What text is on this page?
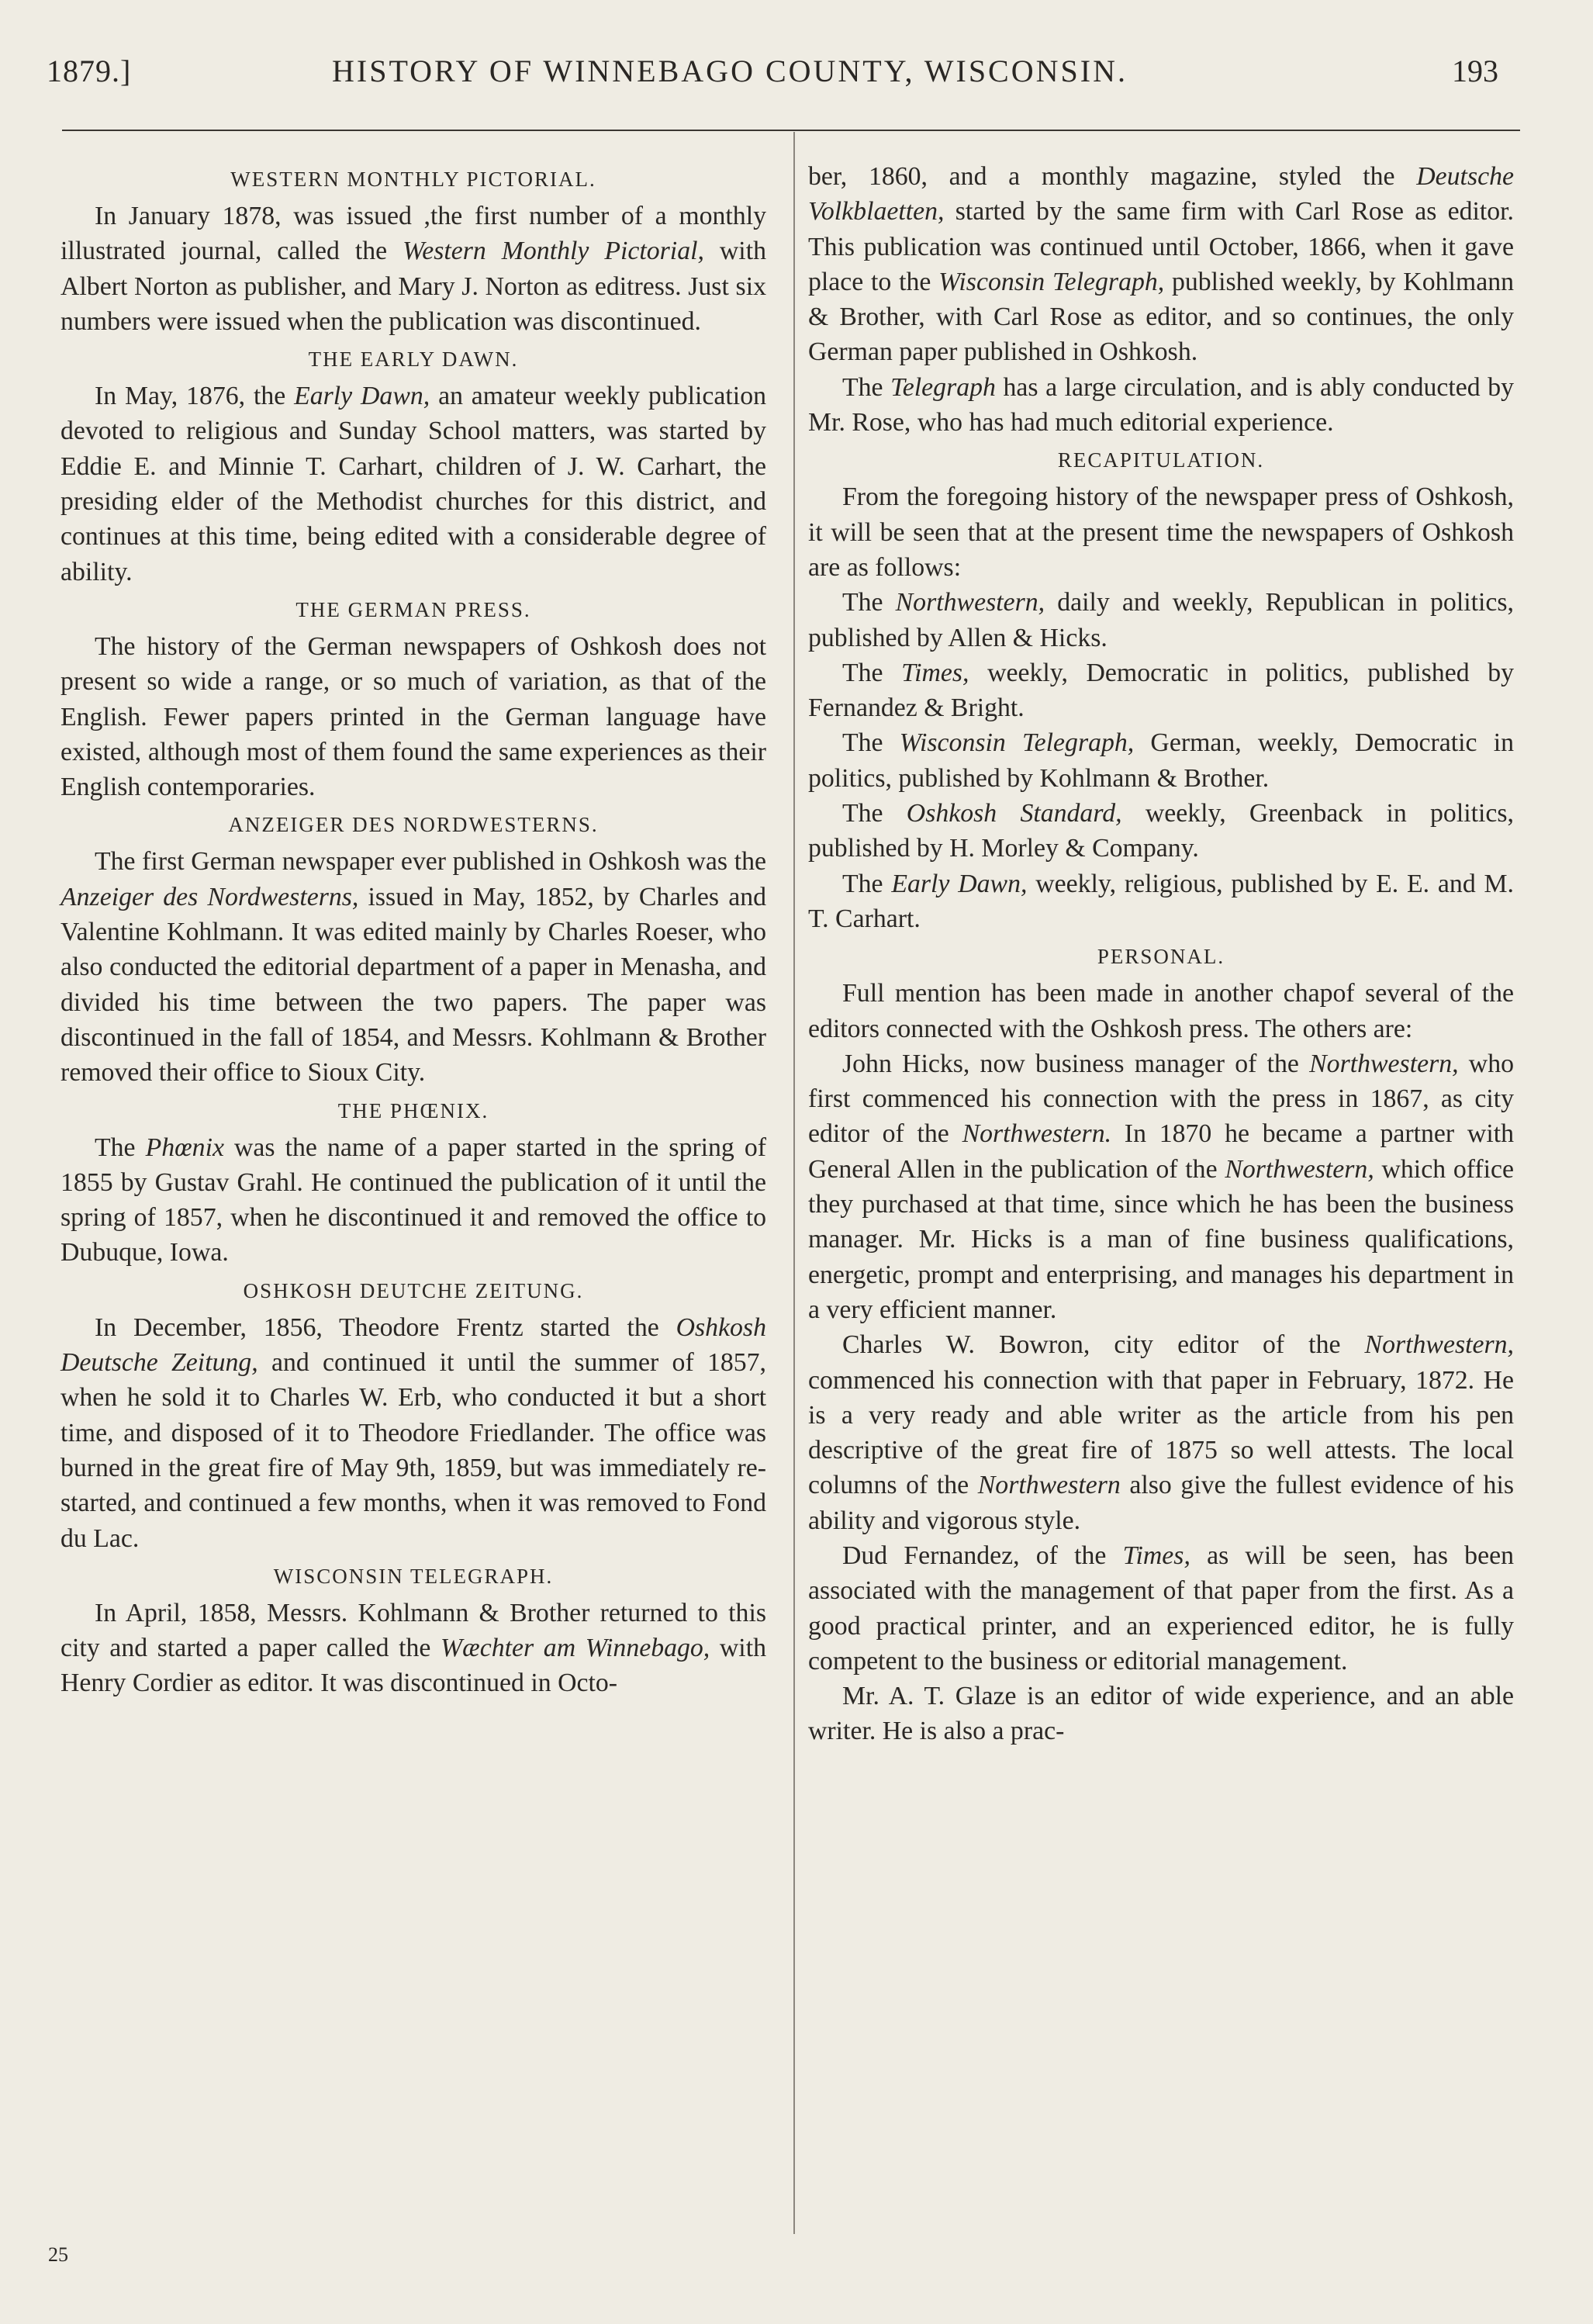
1879.]	HISTORY OF WINNEBAGO COUNTY, WISCONSIN.	193
WESTERN MONTHLY PICTORIAL.

In January 1878, was issued ,the first number of a monthly illustrated journal, called the Western Monthly Pictorial, with Albert Norton as publisher, and Mary J. Norton as editress. Just six numbers were issued when the publication was discontinued.

THE EARLY DAWN.

In May, 1876, the Early Dawn, an amateur weekly publication devoted to religious and Sunday School matters, was started by Eddie E. and Minnie T. Carhart, children of J. W. Carhart, the presiding elder of the Methodist churches for this district, and continues at this time, being edited with a considerable degree of ability.

THE GERMAN PRESS.

The history of the German newspapers of Oshkosh does not present so wide a range, or so much of variation, as that of the English. Fewer papers printed in the German language have existed, although most of them found the same experiences as their English contemporaries.

ANZEIGER DES NORDWESTERNS.

The first German newspaper ever published in Oshkosh was the Anzeiger des Nordwesterns, issued in May, 1852, by Charles and Valentine Kohlmann. It was edited mainly by Charles Roeser, who also conducted the editorial department of a paper in Menasha, and divided his time between the two papers. The paper was discontinued in the fall of 1854, and Messrs. Kohlmann & Brother removed their office to Sioux City.

THE PHŒNIX.

The Phœnix was the name of a paper started in the spring of 1855 by Gustav Grahl. He continued the publication of it until the spring of 1857, when he discontinued it and removed the office to Dubuque, Iowa.

OSHKOSH DEUTCHE ZEITUNG.

In December, 1856, Theodore Frentz started the Oshkosh Deutsche Zeitung, and continued it until the summer of 1857, when he sold it to Charles W. Erb, who conducted it but a short time, and disposed of it to Theodore Friedlander. The office was burned in the great fire of May 9th, 1859, but was immediately re-started, and continued a few months, when it was removed to Fond du Lac.

WISCONSIN TELEGRAPH.

In April, 1858, Messrs. Kohlmann & Brother returned to this city and started a paper called the Wæchter am Winnebago, with Henry Cordier as editor. It was discontinued in Octo-

ber, 1860, and a monthly magazine, styled the Deutsche Volkblaetten, started by the same firm with Carl Rose as editor. This publication was continued until October, 1866, when it gave place to the Wisconsin Telegraph, published weekly, by Kohlmann & Brother, with Carl Rose as editor, and so continues, the only German paper published in Oshkosh.

The Telegraph has a large circulation, and is ably conducted by Mr. Rose, who has had much editorial experience.

RECAPITULATION.

From the foregoing history of the newspaper press of Oshkosh, it will be seen that at the present time the newspapers of Oshkosh are as follows:

The Northwestern, daily and weekly, Republican in politics, published by Allen & Hicks.

The Times, weekly, Democratic in politics, published by Fernandez & Bright.

The Wisconsin Telegraph, German, weekly, Democratic in politics, published by Kohlmann & Brother.

The Oshkosh Standard, weekly, Greenback in politics, published by H. Morley & Company.

The Early Dawn, weekly, religious, published by E. E. and M. T. Carhart.

PERSONAL.

Full mention has been made in another chapof several of the editors connected with the Oshkosh press. The others are:

John Hicks, now business manager of the Northwestern, who first commenced his connection with the press in 1867, as city editor of the Northwestern. In 1870 he became a partner with General Allen in the publication of the Northwestern, which office they purchased at that time, since which he has been the business manager. Mr. Hicks is a man of fine business qualifications, energetic, prompt and enterprising, and manages his department in a very efficient manner.

Charles W. Bowron, city editor of the Northwestern, commenced his connection with that paper in February, 1872. He is a very ready and able writer as the article from his pen descriptive of the great fire of 1875 so well attests. The local columns of the Northwestern also give the fullest evidence of his ability and vigorous style.

Dud Fernandez, of the Times, as will be seen, has been associated with the management of that paper from the first. As a good practical printer, and an experienced editor, he is fully competent to the business or editorial management.

Mr. A. T. Glaze is an editor of wide experience, and an able writer. He is also a prac-

25
